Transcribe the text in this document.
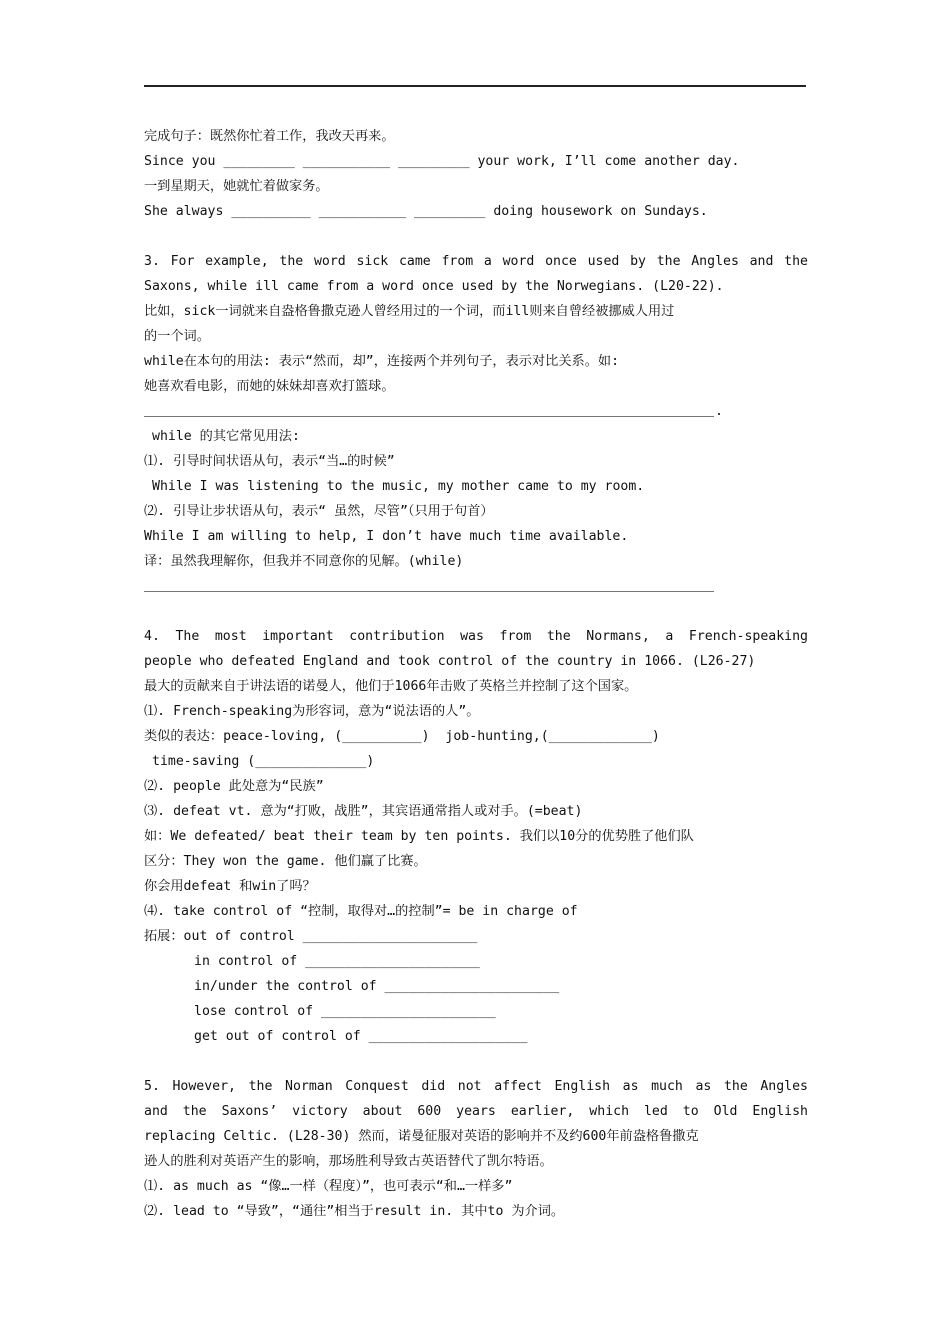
完成句子：既然你忙着工作，我改天再来。
Since you _________ ___________ _________ your work, I’ll come another day.
一到星期天，她就忙着做家务。
She always __________ ___________ _________ doing housework on Sundays.
3. For example, the word sick came from a word once used by the Angles and the
Saxons, while ill came from a word once used by the Norwegians. (L20-22).
比如，sick一词就来自盎格鲁撒克逊人曾经用过的一个词，而ill则来自曾经被挪威人用过
的一个词。
while在本句的用法: 表示“然而，却”，连接两个并列句子，表示对比关系。如:
她喜欢看电影，而她的妹妹却喜欢打篮球。
.
while 的其它常见用法:
⑴. 引导时间状语从句，表示“当…的时候”
While I was listening to the music, my mother came to my room.
⑵. 引导让步状语从句，表示“ 虽然，尽管”（只用于句首）
While I am willing to help, I don’t have much time available.
译：虽然我理解你，但我并不同意你的见解。(while)
4. The most important contribution was from the Normans, a French-speaking
people who defeated England and took control of the country in 1066. (L26-27)
最大的贡献来自于讲法语的诺曼人，他们于1066年击败了英格兰并控制了这个国家。
⑴. French-speaking为形容词，意为“说法语的人”。
类似的表达：peace-loving, (__________)  job-hunting,(_____________)
time-saving (______________)
⑵. people 此处意为“民族”
⑶. defeat vt. 意为“打败，战胜”，其宾语通常指人或对手。(=beat)
如：We defeated/ beat their team by ten points. 我们以10分的优势胜了他们队
区分：They won the game. 他们赢了比赛。
你会用defeat 和win了吗？
⑷. take control of “控制，取得对…的控制”= be in charge of
拓展：out of control ______________________
in control of ______________________
in/under the control of ______________________
lose control of ______________________
get out of control of ____________________
5. However, the Norman Conquest did not affect English as much as the Angles
and the Saxons’ victory about 600 years earlier, which led to Old English
replacing Celtic. (L28-30) 然而，诺曼征服对英语的影响并不及约600年前盎格鲁撒克
逊人的胜利对英语产生的影响，那场胜利导致古英语替代了凯尔特语。
⑴. as much as “像…一样（程度）”，也可表示“和…一样多”
⑵. lead to “导致”，“通往”相当于result in. 其中to 为介词。
